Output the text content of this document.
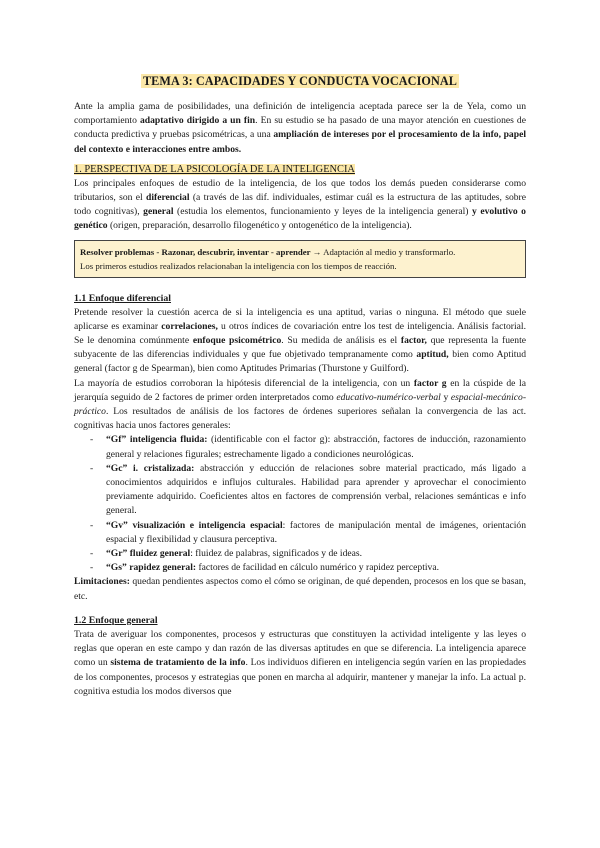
TEMA 3: CAPACIDADES Y CONDUCTA VOCACIONAL

Ante la amplia gama de posibilidades, una definición de inteligencia aceptada parece ser la de Yela, como un comportamiento adaptativo dirigido a un fin. En su estudio se ha pasado de una mayor atención en cuestiones de conducta predictiva y pruebas psicométricas, a una ampliación de intereses por el procesamiento de la info, papel del contexto e interacciones entre ambos.

1. PERSPECTIVA DE LA PSICOLOGÍA DE LA INTELIGENCIA

Los principales enfoques de estudio de la inteligencia, de los que todos los demás pueden considerarse como tributarios, son el diferencial (a través de las dif. individuales, estimar cuál es la estructura de las aptitudes, sobre todo cognitivas), general (estudia los elementos, funcionamiento y leyes de la inteligencia general) y evolutivo o genético (origen, preparación, desarrollo filogenético y ontogenético de la inteligencia).

Resolver problemas - Razonar, descubrir, inventar - aprender → Adaptación al medio y transformarlo.
Los primeros estudios realizados relacionaban la inteligencia con los tiempos de reacción.
1.1 Enfoque diferencial

Pretende resolver la cuestión acerca de si la inteligencia es una aptitud, varias o ninguna. El método que suele aplicarse es examinar correlaciones, u otros índices de covariación entre los test de inteligencia. Análisis factorial. Se le denomina comúnmente enfoque psicométrico. Su medida de análisis es el factor, que representa la fuente subyacente de las diferencias individuales y que fue objetivado tempranamente como aptitud, bien como Aptitud general (factor g de Spearman), bien como Aptitudes Primarias (Thurstone y Guilford).

La mayoría de estudios corroboran la hipótesis diferencial de la inteligencia, con un factor g en la cúspide de la jerarquía seguido de 2 factores de primer orden interpretados como educativo-numérico-verbal y espacial-mecánico-práctico. Los resultados de análisis de los factores de órdenes superiores señalan la convergencia de las act. cognitivas hacia unos factores generales:

- “Gf” inteligencia fluida: (identificable con el factor g): abstracción, factores de inducción, razonamiento general y relaciones figurales; estrechamente ligado a condiciones neurológicas.
- “Gc” i. cristalizada: abstracción y educción de relaciones sobre material practicado, más ligado a conocimientos adquiridos e influjos culturales. Habilidad para aprender y aprovechar el conocimiento previamente adquirido. Coeficientes altos en factores de comprensión verbal, relaciones semánticas e info general.
- “Gv” visualización e inteligencia espacial: factores de manipulación mental de imágenes, orientación espacial y flexibilidad y clausura perceptiva.
- “Gr” fluidez general: fluidez de palabras, significados y de ideas.
- “Gs” rapidez general: factores de facilidad en cálculo numérico y rapidez perceptiva.

Limitaciones: quedan pendientes aspectos como el cómo se originan, de qué dependen, procesos en los que se basan, etc.

1.2 Enfoque general

Trata de averiguar los componentes, procesos y estructuras que constituyen la actividad inteligente y las leyes o reglas que operan en este campo y dan razón de las diversas aptitudes en que se diferencia. La inteligencia aparece como un sistema de tratamiento de la info. Los individuos difieren en inteligencia según varíen en las propiedades de los componentes, procesos y estrategias que ponen en marcha al adquirir, mantener y manejar la info. La actual p. cognitiva estudia los modos diversos que
